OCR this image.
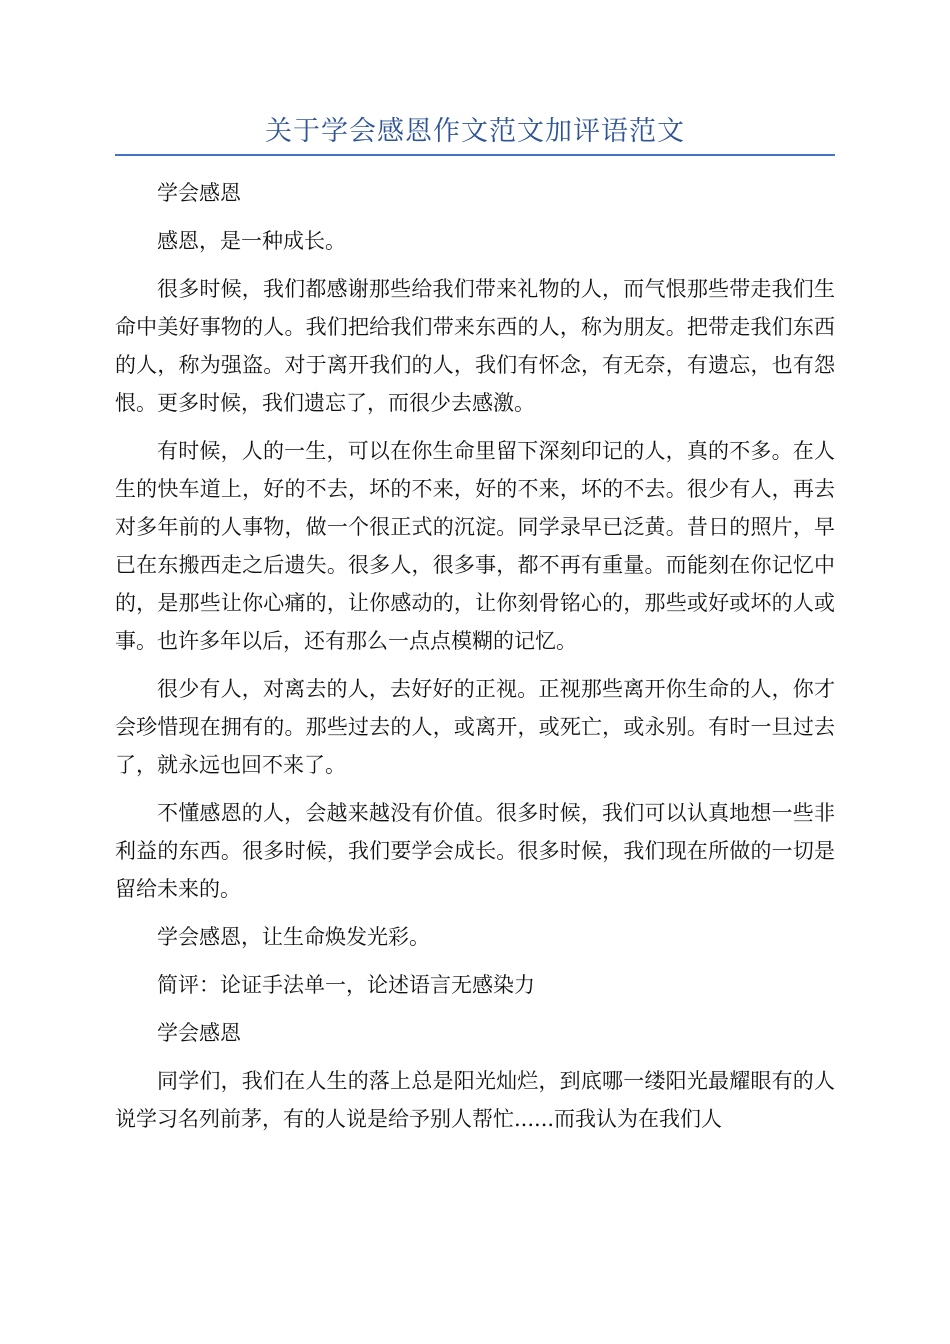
关于学会感恩作文范文加评语范文

学会感恩

感恩，是一种成长。

很多时候，我们都感谢那些给我们带来礼物的人，而气恨那些带走我们生命中美好事物的人。我们把给我们带来东西的人，称为朋友。把带走我们东西的人，称为强盗。对于离开我们的人，我们有怀念，有无奈，有遗忘，也有怨恨。更多时候，我们遗忘了，而很少去感激。

有时候，人的一生，可以在你生命里留下深刻印记的人，真的不多。在人生的快车道上，好的不去，坏的不来，好的不来，坏的不去。很少有人，再去对多年前的人事物，做一个很正式的沉淀。同学录早已泛黄。昔日的照片，早已在东搬西走之后遗失。很多人，很多事，都不再有重量。而能刻在你记忆中的，是那些让你心痛的，让你感动的，让你刻骨铭心的，那些或好或坏的人或事。也许多年以后，还有那么一点点模糊的记忆。

很少有人，对离去的人，去好好的正视。正视那些离开你生命的人，你才会珍惜现在拥有的。那些过去的人，或离开，或死亡，或永别。有时一旦过去了，就永远也回不来了。

不懂感恩的人，会越来越没有价值。很多时候，我们可以认真地想一些非利益的东西。很多时候，我们要学会成长。很多时候，我们现在所做的一切是留给未来的。

学会感恩，让生命焕发光彩。

简评：论证手法单一，论述语言无感染力

学会感恩

同学们，我们在人生的落上总是阳光灿烂，到底哪一缕阳光最耀眼有的人说学习名列前茅，有的人说是给予别人帮忙......而我认为在我们人
